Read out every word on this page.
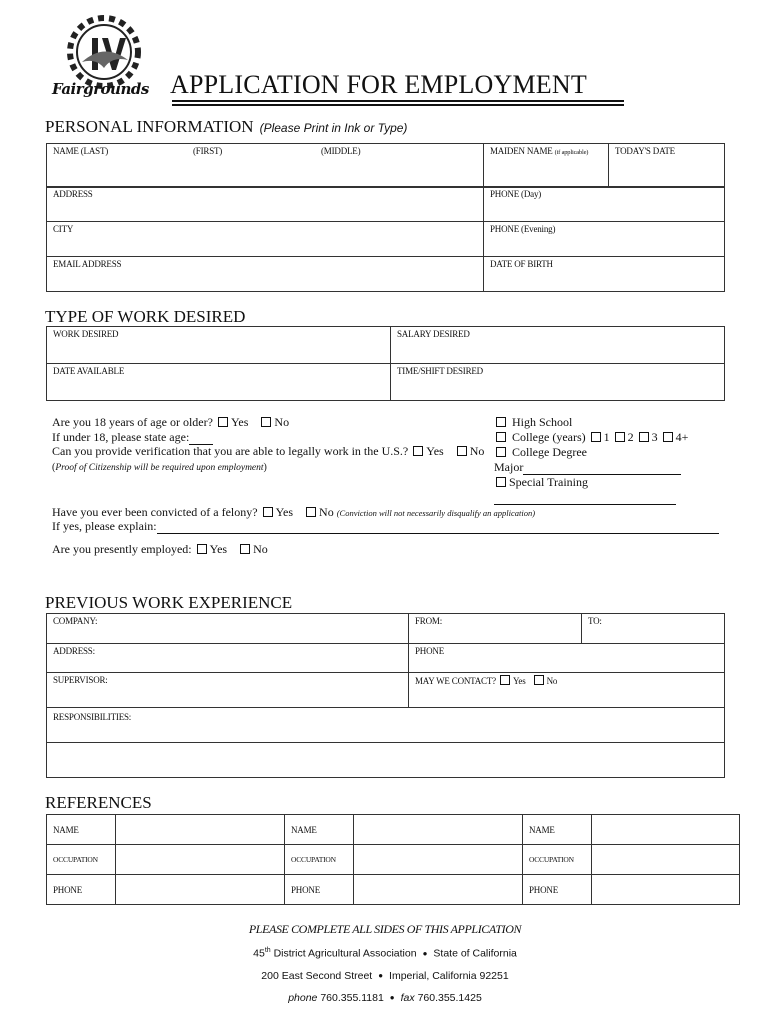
Fairgrounds APPLICATION FOR EMPLOYMENT
PERSONAL INFORMATION (Please Print in Ink or Type)
NAME (LAST)	(FIRST)	(MIDDLE)	MAIDEN NAME (if applicable)	TODAY'S DATE
ADDRESS	PHONE (Day)
CITY	PHONE (Evening)
EMAIL ADDRESS	DATE OF BIRTH
TYPE OF WORK DESIRED
WORK DESIRED	SALARY DESIRED
DATE AVAILABLE	TIME/SHIFT DESIRED
Are you 18 years of age or older? Yes No
If under 18, please state age:
Can you provide verification that you are able to legally work in the U.S.? Yes No
(Proof of Citizenship will be required upon employment)
High School
College (years) 1 2 3 4+
College Degree
Major
Special Training
Have you ever been convicted of a felony? Yes No (Conviction will not necessarily disqualify an application)
If yes, please explain:
Are you presently employed: Yes No
PREVIOUS WORK EXPERIENCE
COMPANY:	FROM:	TO:
ADDRESS:	PHONE	
SUPERVISOR:	MAY WE CONTACT? Yes No	
RESPONSIBILITIES:		

REFERENCES
NAME		NAME		NAME	
OCCUPATION		OCCUPATION		OCCUPATION	
PHONE		PHONE		PHONE	
PLEASE COMPLETE ALL SIDES OF THIS APPLICATION
45th District Agricultural Association ● State of California
200 East Second Street ● Imperial, California 92251
phone 760.355.1181 ● fax 760.355.1425
